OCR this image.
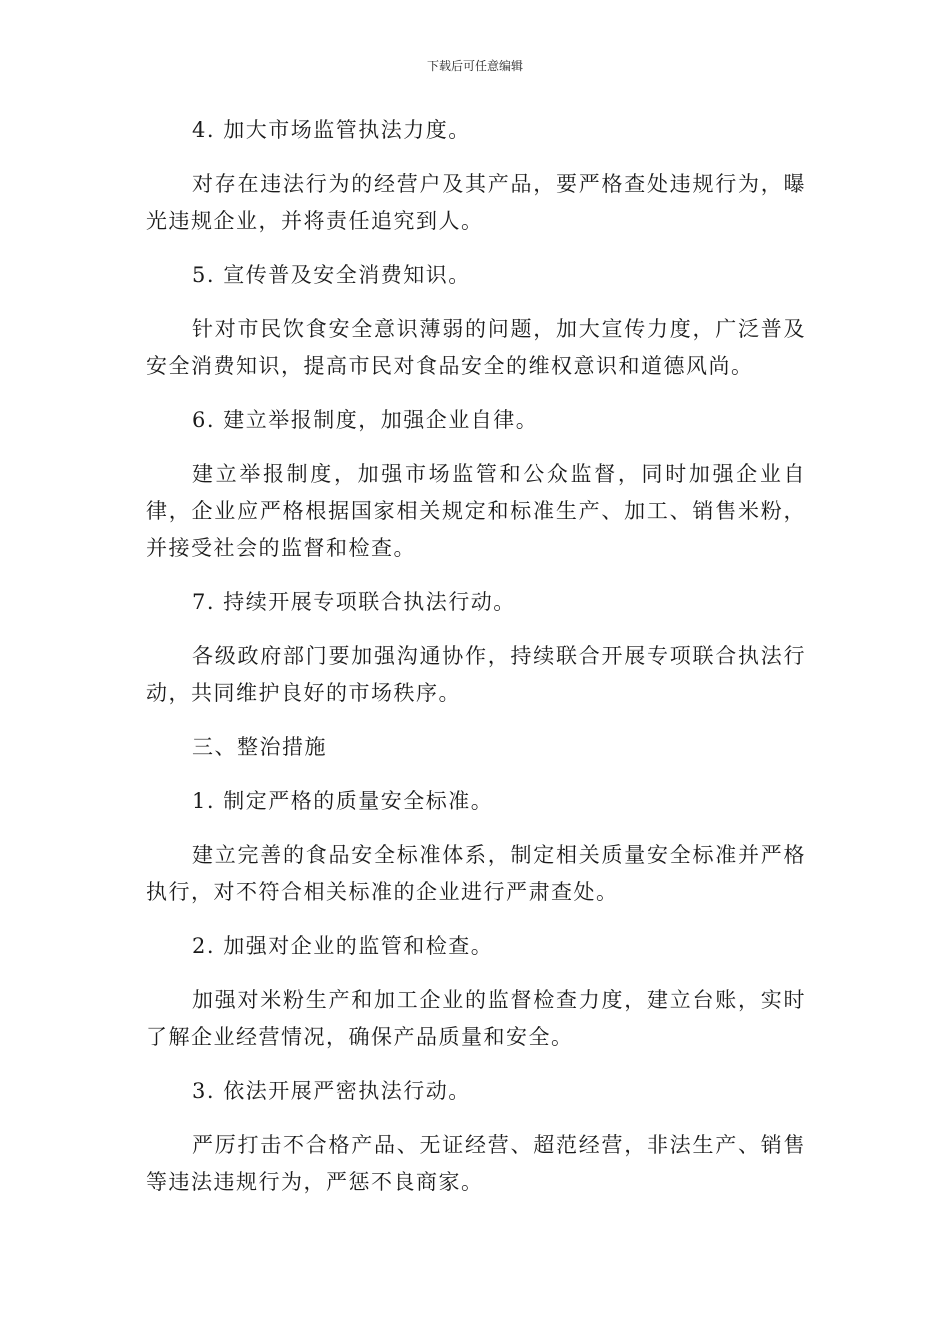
下载后可任意编辑

4. 加大市场监管执法力度。

对存在违法行为的经营户及其产品，要严格查处违规行为，曝光违规企业，并将责任追究到人。

5. 宣传普及安全消费知识。

针对市民饮食安全意识薄弱的问题，加大宣传力度，广泛普及安全消费知识，提高市民对食品安全的维权意识和道德风尚。

6. 建立举报制度，加强企业自律。

建立举报制度，加强市场监管和公众监督，同时加强企业自律，企业应严格根据国家相关规定和标准生产、加工、销售米粉，并接受社会的监督和检查。

7. 持续开展专项联合执法行动。

各级政府部门要加强沟通协作，持续联合开展专项联合执法行动，共同维护良好的市场秩序。

三、整治措施

1. 制定严格的质量安全标准。

建立完善的食品安全标准体系，制定相关质量安全标准并严格执行，对不符合相关标准的企业进行严肃查处。

2. 加强对企业的监管和检查。

加强对米粉生产和加工企业的监督检查力度，建立台账，实时了解企业经营情况，确保产品质量和安全。

3. 依法开展严密执法行动。

严厉打击不合格产品、无证经营、超范经营，非法生产、销售等违法违规行为，严惩不良商家。
